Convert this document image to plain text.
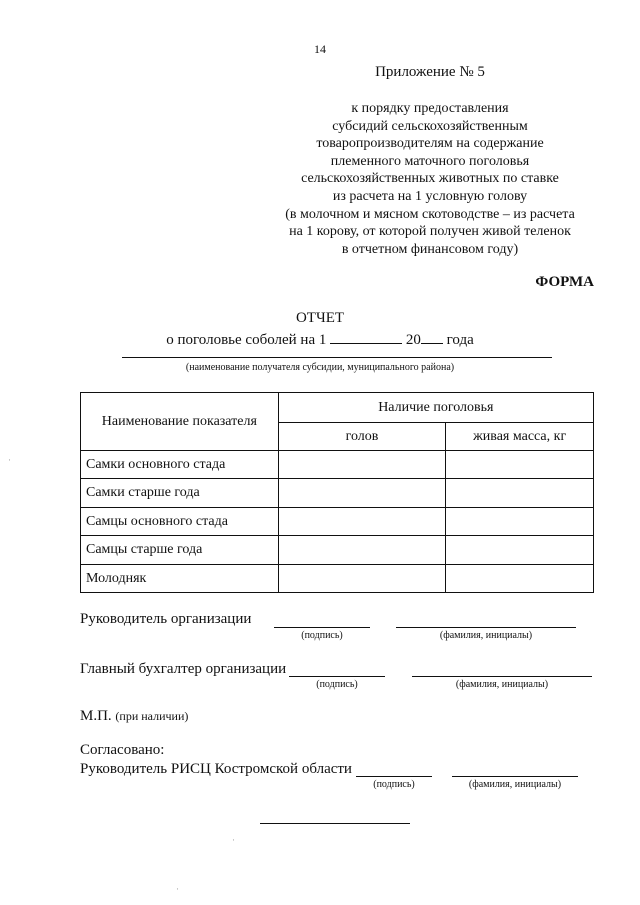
14
Приложение № 5
к порядку предоставления
субсидий сельскохозяйственным
товаропроизводителям на содержание
племенного маточного поголовья
сельскохозяйственных животных по ставке
из расчета на 1 условную голову
(в молочном и мясном скотоводстве – из расчета
на 1 корову, от которой получен живой теленок
в отчетном финансовом году)
ФОРМА
ОТЧЕТ
о поголовье соболей на 1	20 года
(наименование получателя субсидии, муниципального района)
Наименование показателя	Наличие поголовья	
	голов	живая масса, кг
Самки основного стада		
Самки старше года		
Самцы основного стада		
Самцы старше года		
Молодняк		
Руководитель организации
(подпись)	(фамилия, инициалы)
Главный бухгалтер организации
(подпись)	(фамилия, инициалы)
М.П. (при наличии)
Согласовано:
Руководитель РИСЦ Костромской области
(подпись)	(фамилия, инициалы)
·
·
·
